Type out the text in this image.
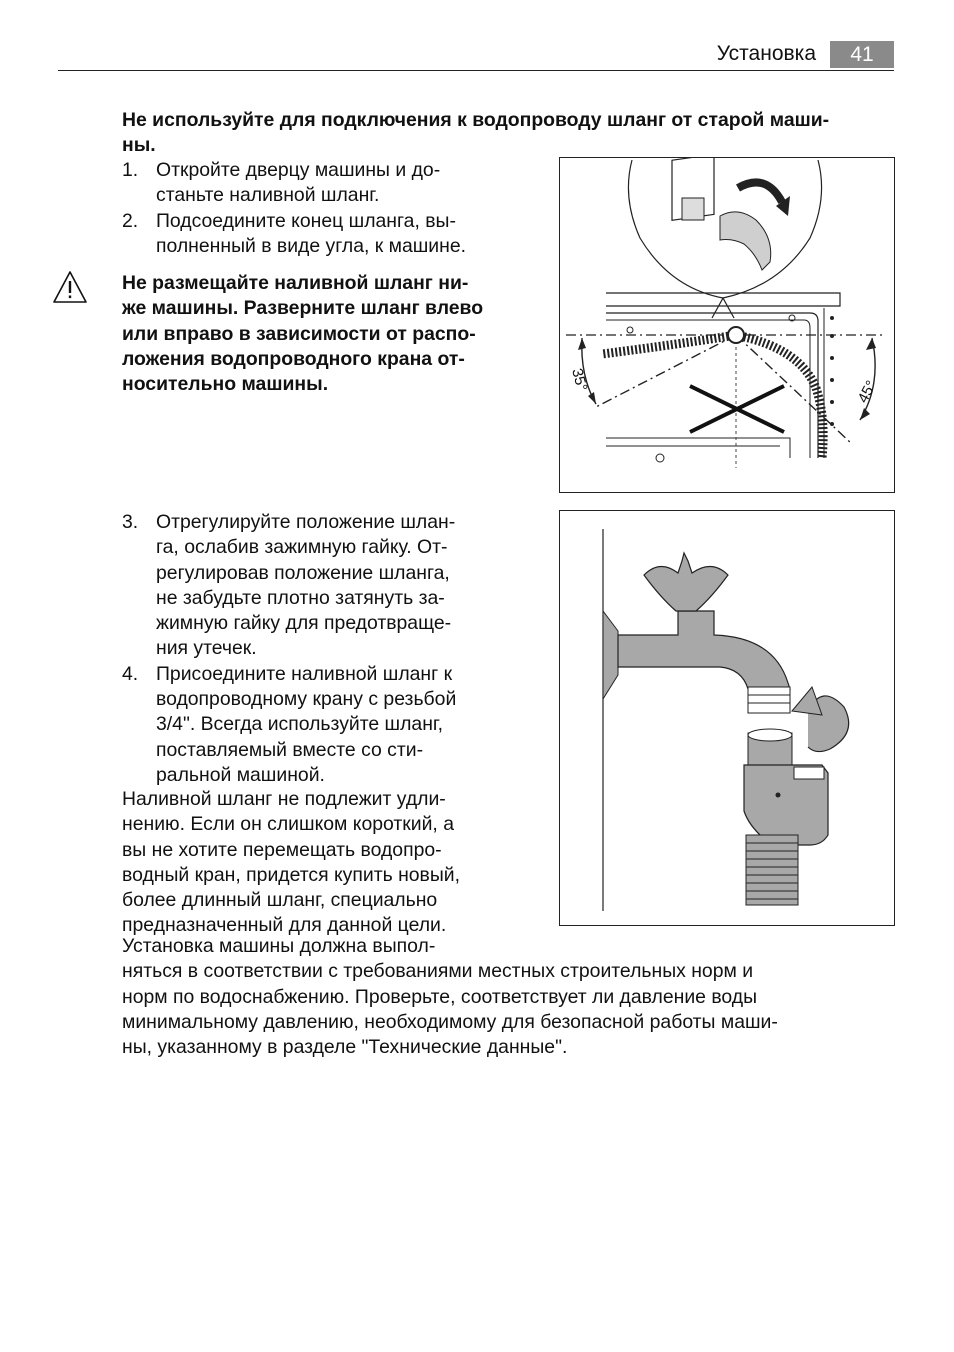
Установка	41
Не используйте для подключения к водопроводу шланг от старой маши-
ны.
1. Откройте дверцу машины и до-
станьте наливной шланг.
2. Подсоедините конец шланга, вы-
полненный в виде угла, к машине.
Не размещайте наливной шланг ни-
же машины. Разверните шланг влево
или вправо в зависимости от распо-
ложения водопроводного крана от-
носительно машины.	35°	45°
3. Отрегулируйте положение шлан-
га, ослабив зажимную гайку. От-
регулировав положение шланга,
не забудьте плотно затянуть за-
жимную гайку для предотвраще-
ния утечек.
4. Присоедините наливной шланг к
водопроводному крану с резьбой
3/4". Всегда используйте шланг,
поставляемый вместе со сти-
ральной машиной.
Наливной шланг не подлежит удли-
нению. Если он слишком короткий, а
вы не хотите перемещать водопро-
водный кран, придется купить новый,
более длинный шланг, специально
предназначенный для данной цели.
Установка машины должна выпол-
няться в соответствии с требованиями местных строительных норм и
норм по водоснабжению. Проверьте, соответствует ли давление воды
минимальному давлению, необходимому для безопасной работы маши-
ны, указанному в разделе "Технические данные".
